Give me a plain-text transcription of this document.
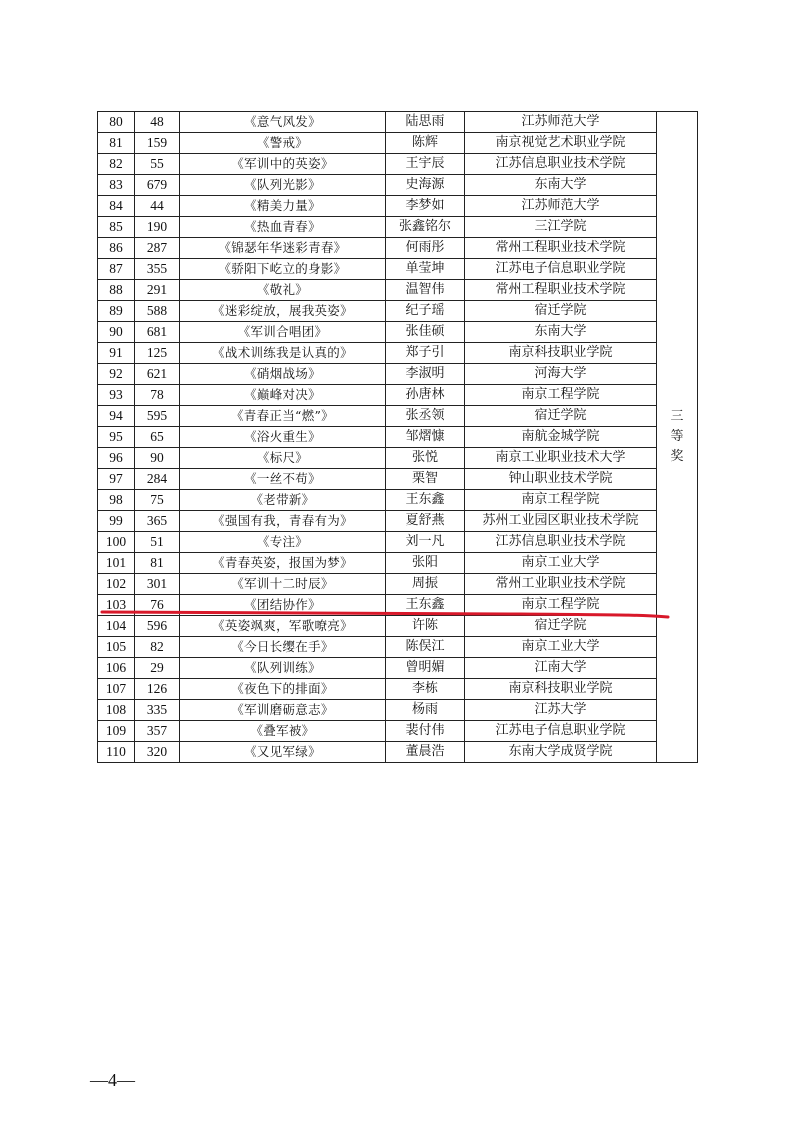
80	48	《意气风发》	陆思雨	江苏师范大学	三
等
奖

81	159	《警戒》	陈辉	南京视觉艺术职业学院	
82	55	《军训中的英姿》	王宇辰	江苏信息职业技术学院	
83	679	《队列光影》	史海源	东南大学	
84	44	《精美力量》	李梦如	江苏师范大学	
85	190	《热血青春》	张鑫铭尔	三江学院	
86	287	《锦瑟年华迷彩青春》	何雨彤	常州工程职业技术学院	
87	355	《骄阳下屹立的身影》	单莹坤	江苏电子信息职业学院	
88	291	《敬礼》	温智伟	常州工程职业技术学院	
89	588	《迷彩绽放，展我英姿》	纪子瑶	宿迁学院	
90	681	《军训合唱团》	张佳硕	东南大学	
91	125	《战术训练我是认真的》	郑子引	南京科技职业学院	
92	621	《硝烟战场》	李淑明	河海大学	
93	78	《巅峰对决》	孙唐林	南京工程学院	
94	595	《青春正当“燃”》	张丞领	宿迁学院	
95	65	《浴火重生》	邹熠慷	南航金城学院	
96	90	《标尺》	张悦	南京工业职业技术大学	
97	284	《一丝不苟》	栗智	钟山职业技术学院	
98	75	《老带新》	王东鑫	南京工程学院	
99	365	《强国有我，青春有为》	夏舒燕	苏州工业园区职业技术学院	
100	51	《专注》	刘一凡	江苏信息职业技术学院	
101	81	《青春英姿，报国为梦》	张阳	南京工业大学	
102	301	《军训十二时辰》	周振	常州工业职业技术学院	
103	76	《团结协作》	王东鑫	南京工程学院	
104	596	《英姿飒爽，军歌嘹亮》	许陈	宿迁学院	
105	82	《今日长缨在手》	陈俣江	南京工业大学	
106	29	《队列训练》	曾明媚	江南大学	
107	126	《夜色下的排面》	李栋	南京科技职业学院	
108	335	《军训磨砺意志》	杨雨	江苏大学	
109	357	《叠军被》	裴付伟	江苏电子信息职业学院	
110	320	《又见军绿》	董晨浩	东南大学成贤学院	
—4—
